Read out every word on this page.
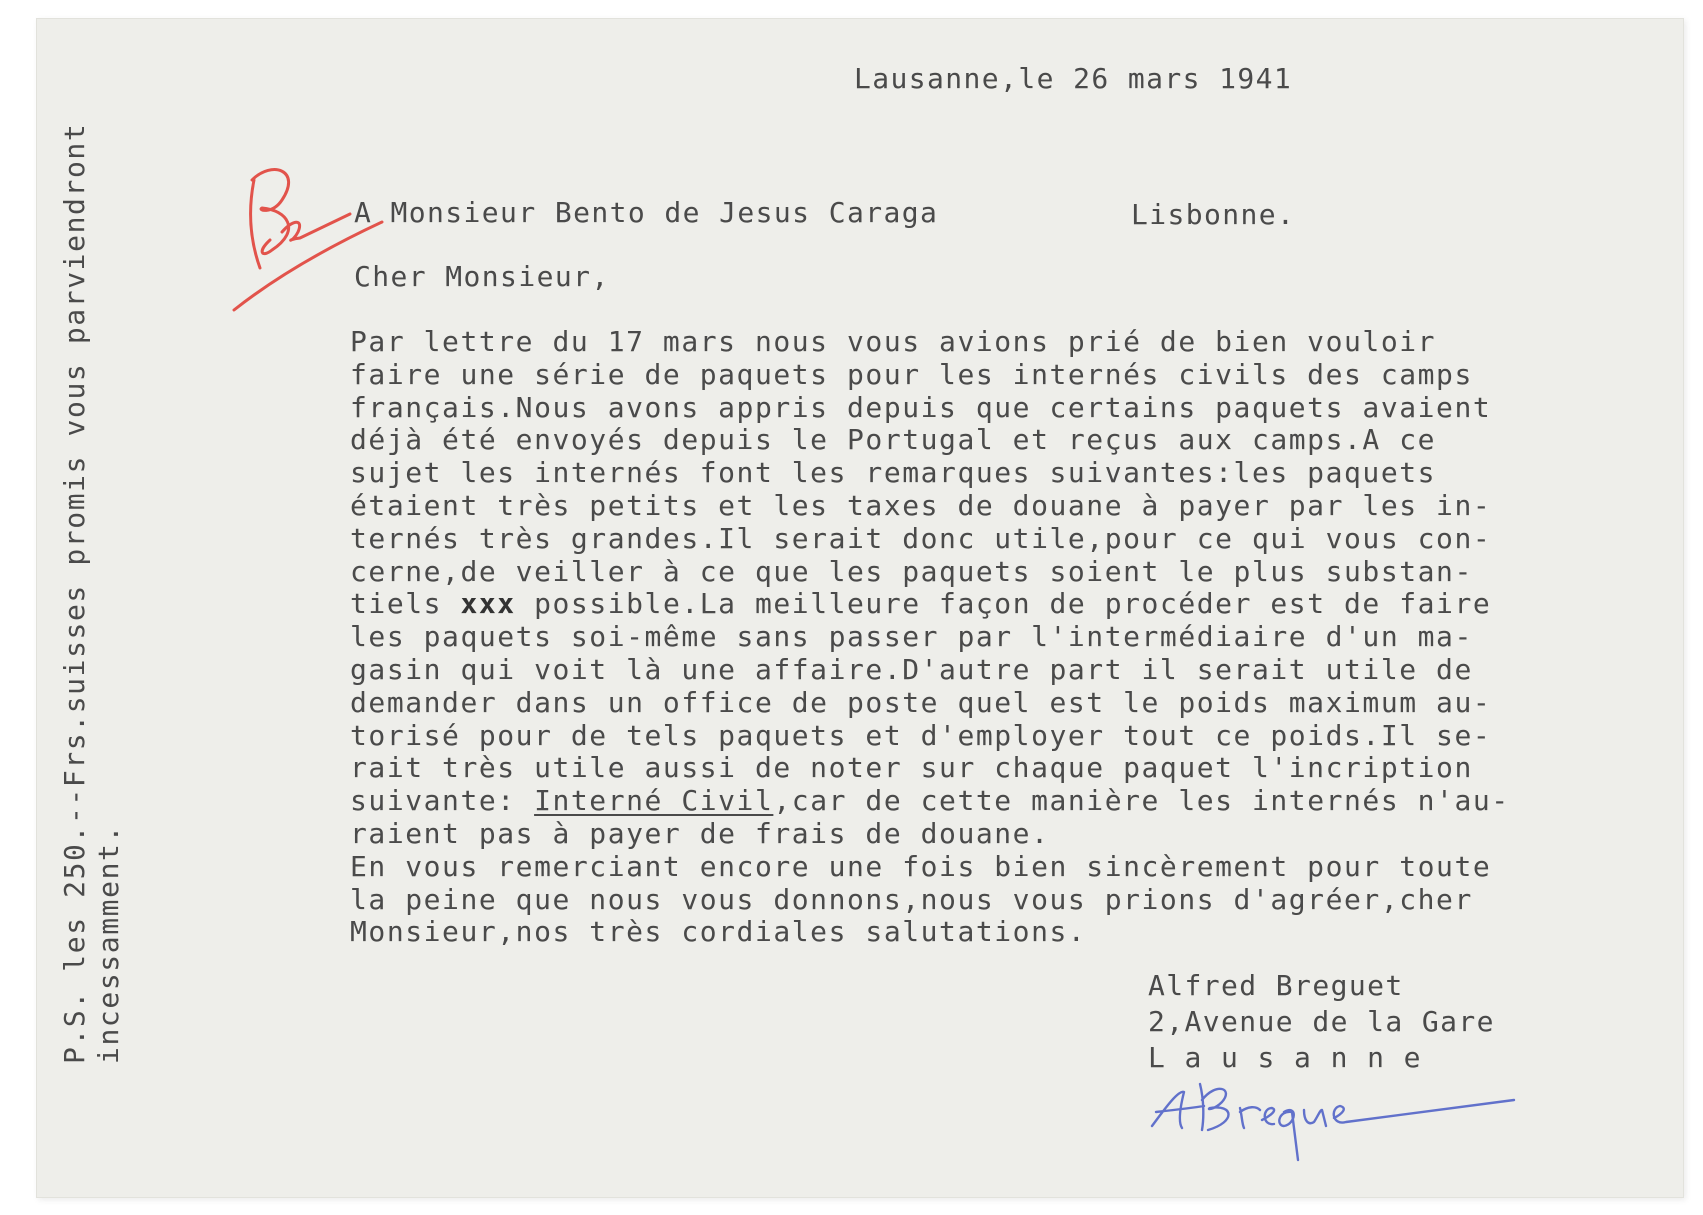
Lausanne,le 26 mars 1941
A Monsieur Bento de Jesus Caraga	Lisbonne.
Cher Monsieur,
Par lettre du 17 mars nous vous avions prié de bien vouloir
faire une série de paquets pour les internés civils des camps
français.Nous avons appris depuis que certains paquets avaient
déjà été envoyés depuis le Portugal et reçus aux camps.A ce
sujet les internés font les remarques suivantes:les paquets
étaient très petits et les taxes de douane à payer par les in-
ternés très grandes.Il serait donc utile,pour ce qui vous con-
cerne,de veiller à ce que les paquets soient le plus substan-
tiels xxx possible.La meilleure façon de procéder est de faire
les paquets soi-même sans passer par l'intermédiaire d'un ma-
gasin qui voit là une affaire.D'autre part il serait utile de
demander dans un office de poste quel est le poids maximum au-
torisé pour de tels paquets et d'employer tout ce poids.Il se-
rait très utile aussi de noter sur chaque paquet l'incription
suivante: Interné Civil,car de cette manière les internés n'au-
raient pas à payer de frais de douane.
En vous remerciant encore une fois bien sincèrement pour toute
la peine que nous vous donnons,nous vous prions d'agréer,cher
Monsieur,nos très cordiales salutations.
Alfred Breguet
2,Avenue de la Gare
L a u s a n n e
P.S. les 250.--Frs.suisses promis vous parviendront
incessamment.
